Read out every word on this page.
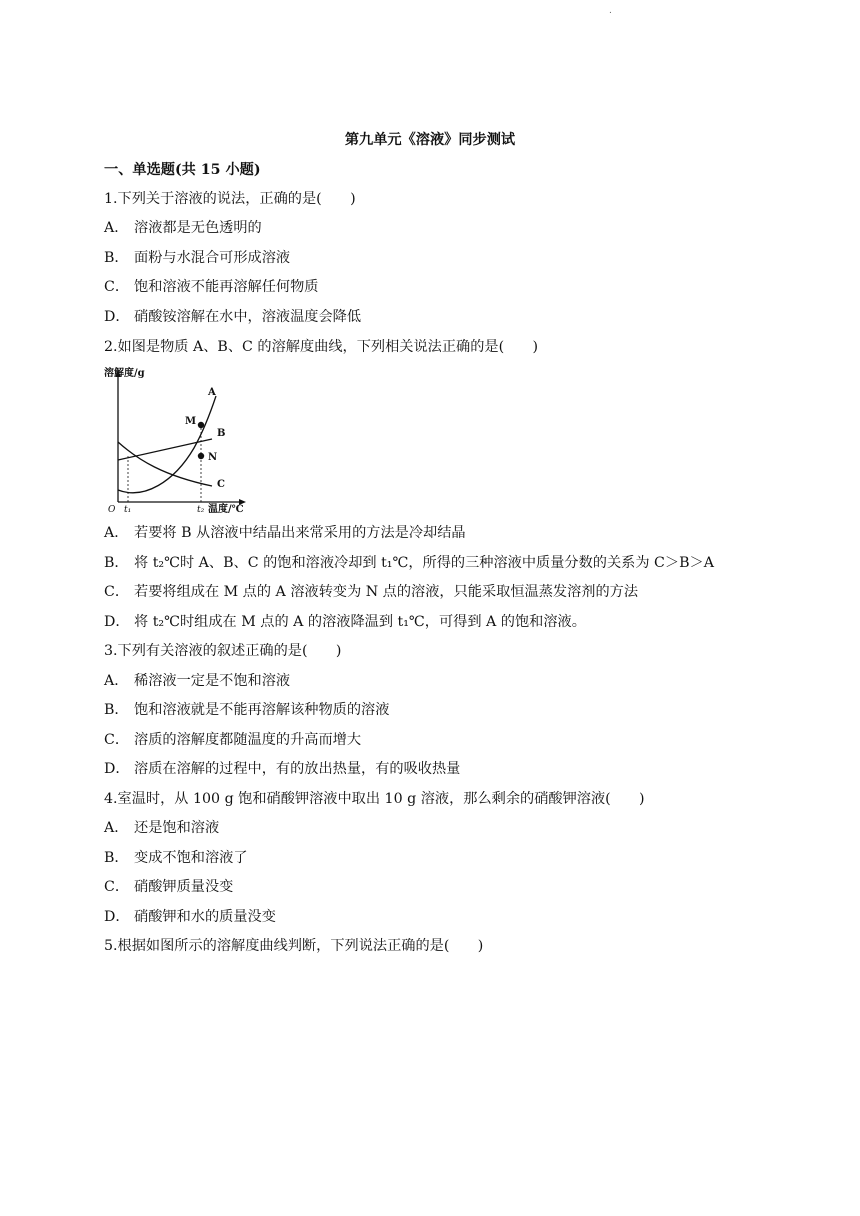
.
第九单元《溶液》同步测试
一、单选题(共 15 小题)
1.下列关于溶液的说法，正确的是(　　)
A． 溶液都是无色透明的
B． 面粉与水混合可形成溶液
C． 饱和溶液不能再溶解任何物质
D． 硝酸铵溶解在水中，溶液温度会降低
2.如图是物质 A、B、C 的溶解度曲线，下列相关说法正确的是(　　)
溶解度/g
A
B
C
M
N
O t₁	t₂ 温度/℃
A． 若要将 B 从溶液中结晶出来常采用的方法是冷却结晶
B． 将 t₂℃时 A、B、C 的饱和溶液冷却到 t₁℃，所得的三种溶液中质量分数的关系为 C＞B＞A
C． 若要将组成在 M 点的 A 溶液转变为 N 点的溶液，只能采取恒温蒸发溶剂的方法
D． 将 t₂℃时组成在 M 点的 A 的溶液降温到 t₁℃，可得到 A 的饱和溶液。
3.下列有关溶液的叙述正确的是(　　)
A． 稀溶液一定是不饱和溶液
B． 饱和溶液就是不能再溶解该种物质的溶液
C． 溶质的溶解度都随温度的升高而增大
D． 溶质在溶解的过程中，有的放出热量，有的吸收热量
4.室温时，从 100 g 饱和硝酸钾溶液中取出 10 g 溶液，那么剩余的硝酸钾溶液(　　)
A． 还是饱和溶液
B． 变成不饱和溶液了
C． 硝酸钾质量没变
D． 硝酸钾和水的质量没变
5.根据如图所示的溶解度曲线判断，下列说法正确的是(　　)
